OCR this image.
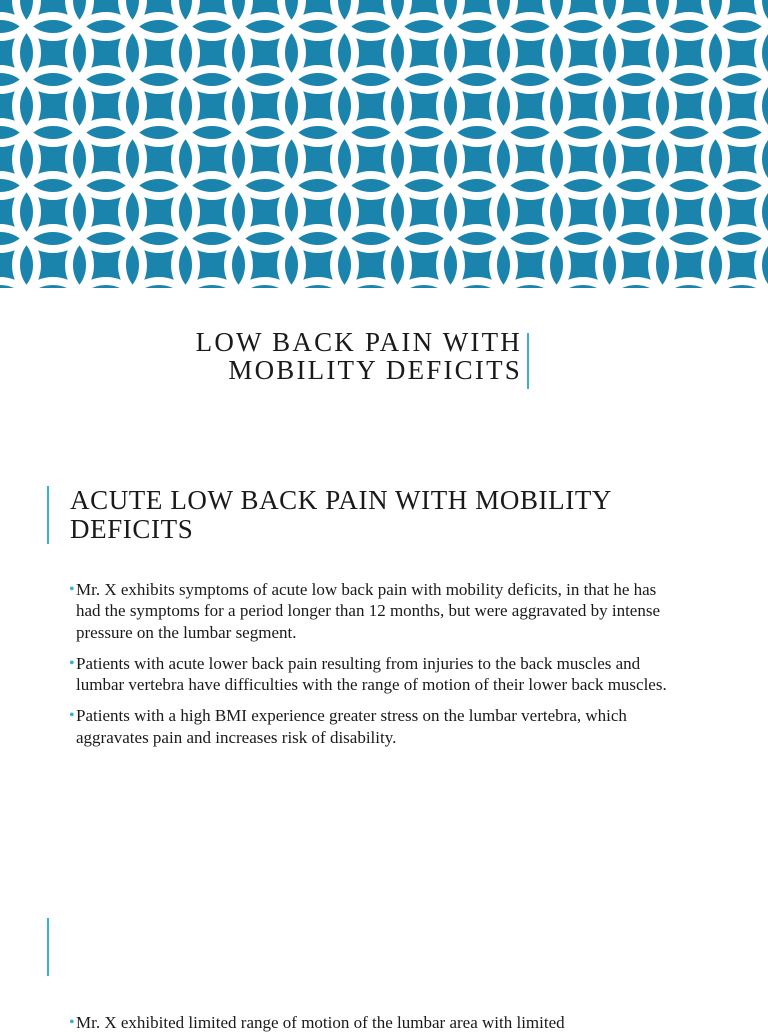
LOW BACK PAIN WITH MOBILITY DEFICITS
ACUTE LOW BACK PAIN WITH MOBILITY DEFICITS
• Mr. X exhibits symptoms of acute low back pain with mobility deficits, in that he has had the symptoms for a period longer than 12 months, but were aggravated by intense pressure on the lumbar segment.
• Patients with acute lower back pain resulting from injuries to the back muscles and lumbar vertebra have difficulties with the range of motion of their lower back muscles.
• Patients with a high BMI experience greater stress on the lumbar vertebra, which aggravates pain and increases risk of disability.
• Mr. X exhibited limited range of motion of the lumbar area with limited
